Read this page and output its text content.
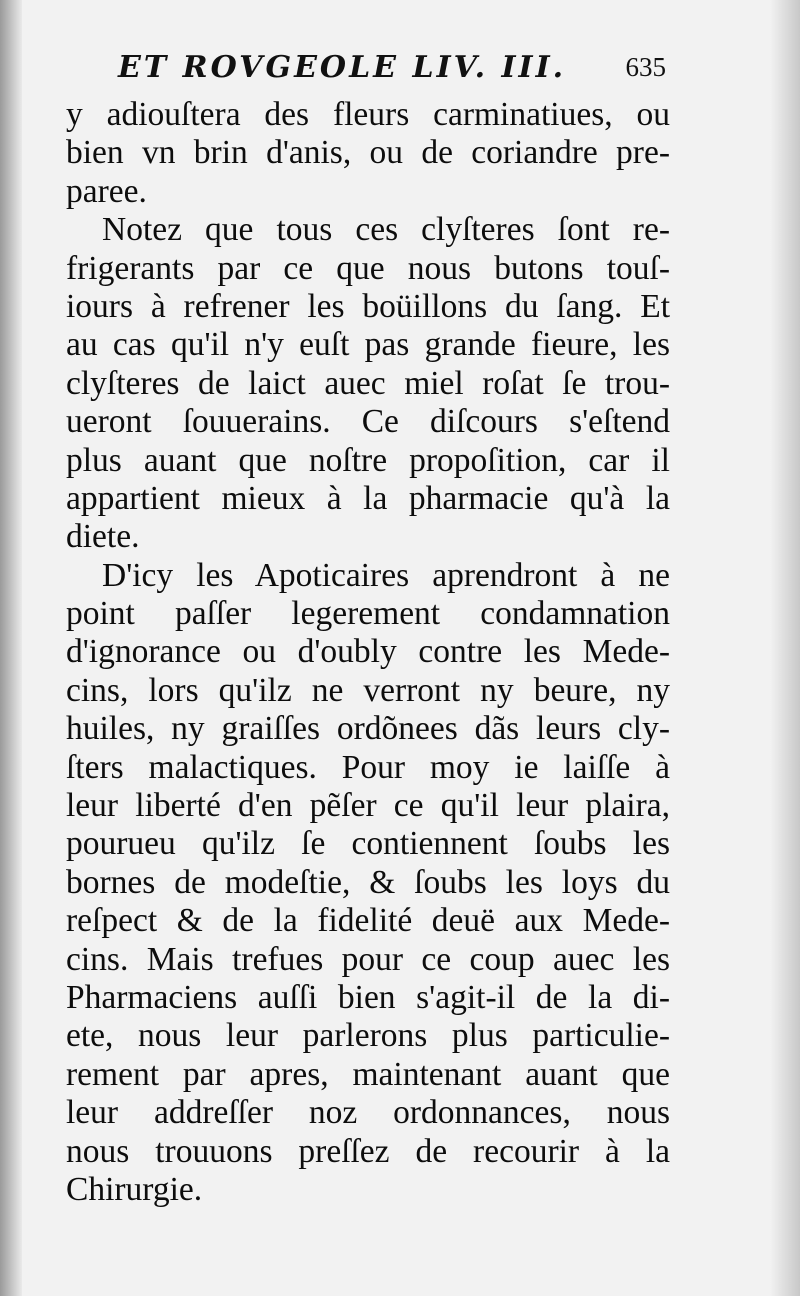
ET ROVGEOLE LIV. III. 635
y adiouſtera des fleurs carminatiues, ou
bien vn brin d'anis, ou de coriandre pre-
paree.
Notez que tous ces clyſteres ſont re-
frigerants par ce que nous butons touſ-
iours à refrener les boüillons du ſang. Et
au cas qu'il n'y euſt pas grande fieure, les
clyſteres de laict auec miel roſat ſe trou-
ueront ſouuerains. Ce diſcours s'eſtend
plus auant que noſtre propoſition, car il
appartient mieux à la pharmacie qu'à la
diete.
D'icy les Apoticaires aprendront à ne
point paſſer legerement condamnation
d'ignorance ou d'oubly contre les Mede-
cins, lors qu'ilz ne verront ny beure, ny
huiles, ny graiſſes ordõnees dãs leurs cly-
ſters malactiques. Pour moy ie laiſſe à
leur liberté d'en pẽſer ce qu'il leur plaira,
pourueu qu'ilz ſe contiennent ſoubs les
bornes de modeſtie, & ſoubs les loys du
reſpect & de la fidelité deuë aux Mede-
cins. Mais trefues pour ce coup auec les
Pharmaciens auſſi bien s'agit-il de la di-
ete, nous leur parlerons plus particulie-
rement par apres, maintenant auant que
leur addreſſer noz ordonnances, nous
nous trouuons preſſez de recourir à la
Chirurgie.
